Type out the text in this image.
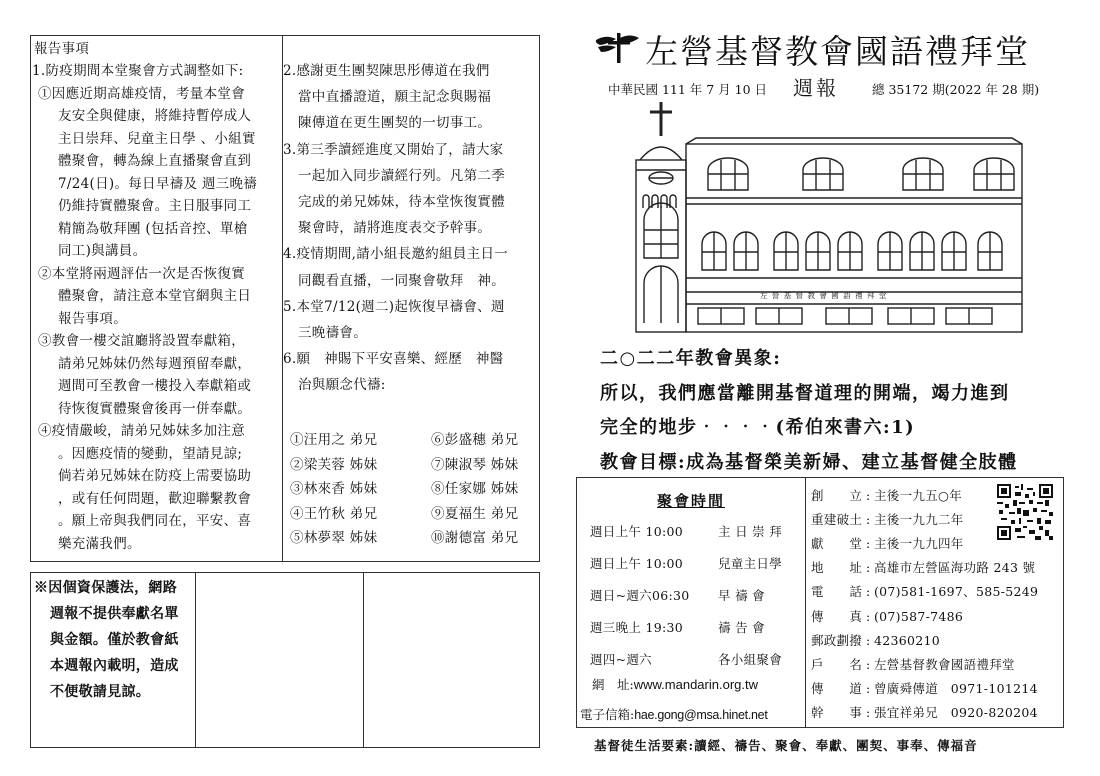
報告事項
1.防疫期間本堂聚會方式調整如下:
①因應近期高雄疫情，考量本堂會
友安全與健康，將維持暫停成人
主日崇拜、兒童主日學 、小組實
體聚會，轉為線上直播聚會直到
7/24(日)。每日早禱及 週三晚禱
仍維持實體聚會。主日服事同工
精簡為敬拜團 (包括音控、單槍
同工)與講員。
②本堂將兩週評估一次是否恢復實
體聚會，請注意本堂官網與主日
報告事項。
③教會一樓交誼廳將設置奉獻箱，
請弟兄姊妹仍然每週預留奉獻，
週間可至教會一樓投入奉獻箱或
待恢復實體聚會後再一併奉獻。
④疫情嚴峻，請弟兄姊妹多加注意
。因應疫情的變動，望請見諒;
倘若弟兄姊妹在防疫上需要協助
，或有任何問題，歡迎聯繫教會
。願上帝與我們同在，平安、喜
樂充滿我們。
2.感謝更生團契陳思彤傳道在我們
當中直播證道，願主記念與賜福
陳傳道在更生團契的一切事工。
3.第三季讀經進度又開始了，請大家
一起加入同步讀經行列。凡第二季
完成的弟兄姊妹，待本堂恢復實體
聚會時，請將進度表交予幹事。
4.疫情期間,請小組長邀約組員主日一
同觀看直播，一同聚會敬拜　神。
5.本堂7/12(週二)起恢復早禱會、週
三晚禱會。
6.願　神賜下平安喜樂、經歷　神醫
治與願念代禱:
①汪用之 弟兄	⑥彭盛穗 弟兄
②梁芙蓉 姊妹	⑦陳淑琴 姊妹
③林來香 姊妹	⑧任家娜 姊妹
④王竹秋 弟兄	⑨夏福生 弟兄
⑤林夢翠 姊妹	⑩謝德富 弟兄
※因個資保護法，網路
週報不提供奉獻名單
與金額。僅於教會紙
本週報內載明，造成
不便敬請見諒。
左營基督教會國語禮拜堂
中華民國 111 年 7 月 10 日 週報	總 35172 期(2022 年 28 期)
左 營 基 督 教 會 國 語 禮 拜 堂
二○二二年教會異象:
所以，我們應當離開基督道理的開端，竭力進到
完全的地步‧‧‧‧(希伯來書六:1)
教會目標:成為基督榮美新婦、建立基督健全肢體
聚會時間
週日上午 10:00	主 日 崇 拜
週日上午 10:00	兒童主日學
週日~週六06:30 早 禱 會
週三晚上 19:30	禱 告 會
週四~週六	各小組聚會
網　址:www.mandarin.org.tw
電子信箱:hae.gong@msa.hinet.net
創　　立 : 主後一九五○年
重建破土 : 主後一九九二年
獻　　堂 : 主後一九九四年
地　　址 : 高雄市左營區海功路 243 號
電　　話 : (07)581-1697、585-5249
傳　　真 : (07)587-7486
郵政劃撥 : 42360210
戶　　名 : 左營基督教會國語禮拜堂
傳　　道 : 曾廣舜傳道　0971-101214
幹　　事 : 張宜祥弟兄　0920-820204
基督徒生活要素:讀經、禱告、聚會、奉獻、團契、事奉、傳福音
